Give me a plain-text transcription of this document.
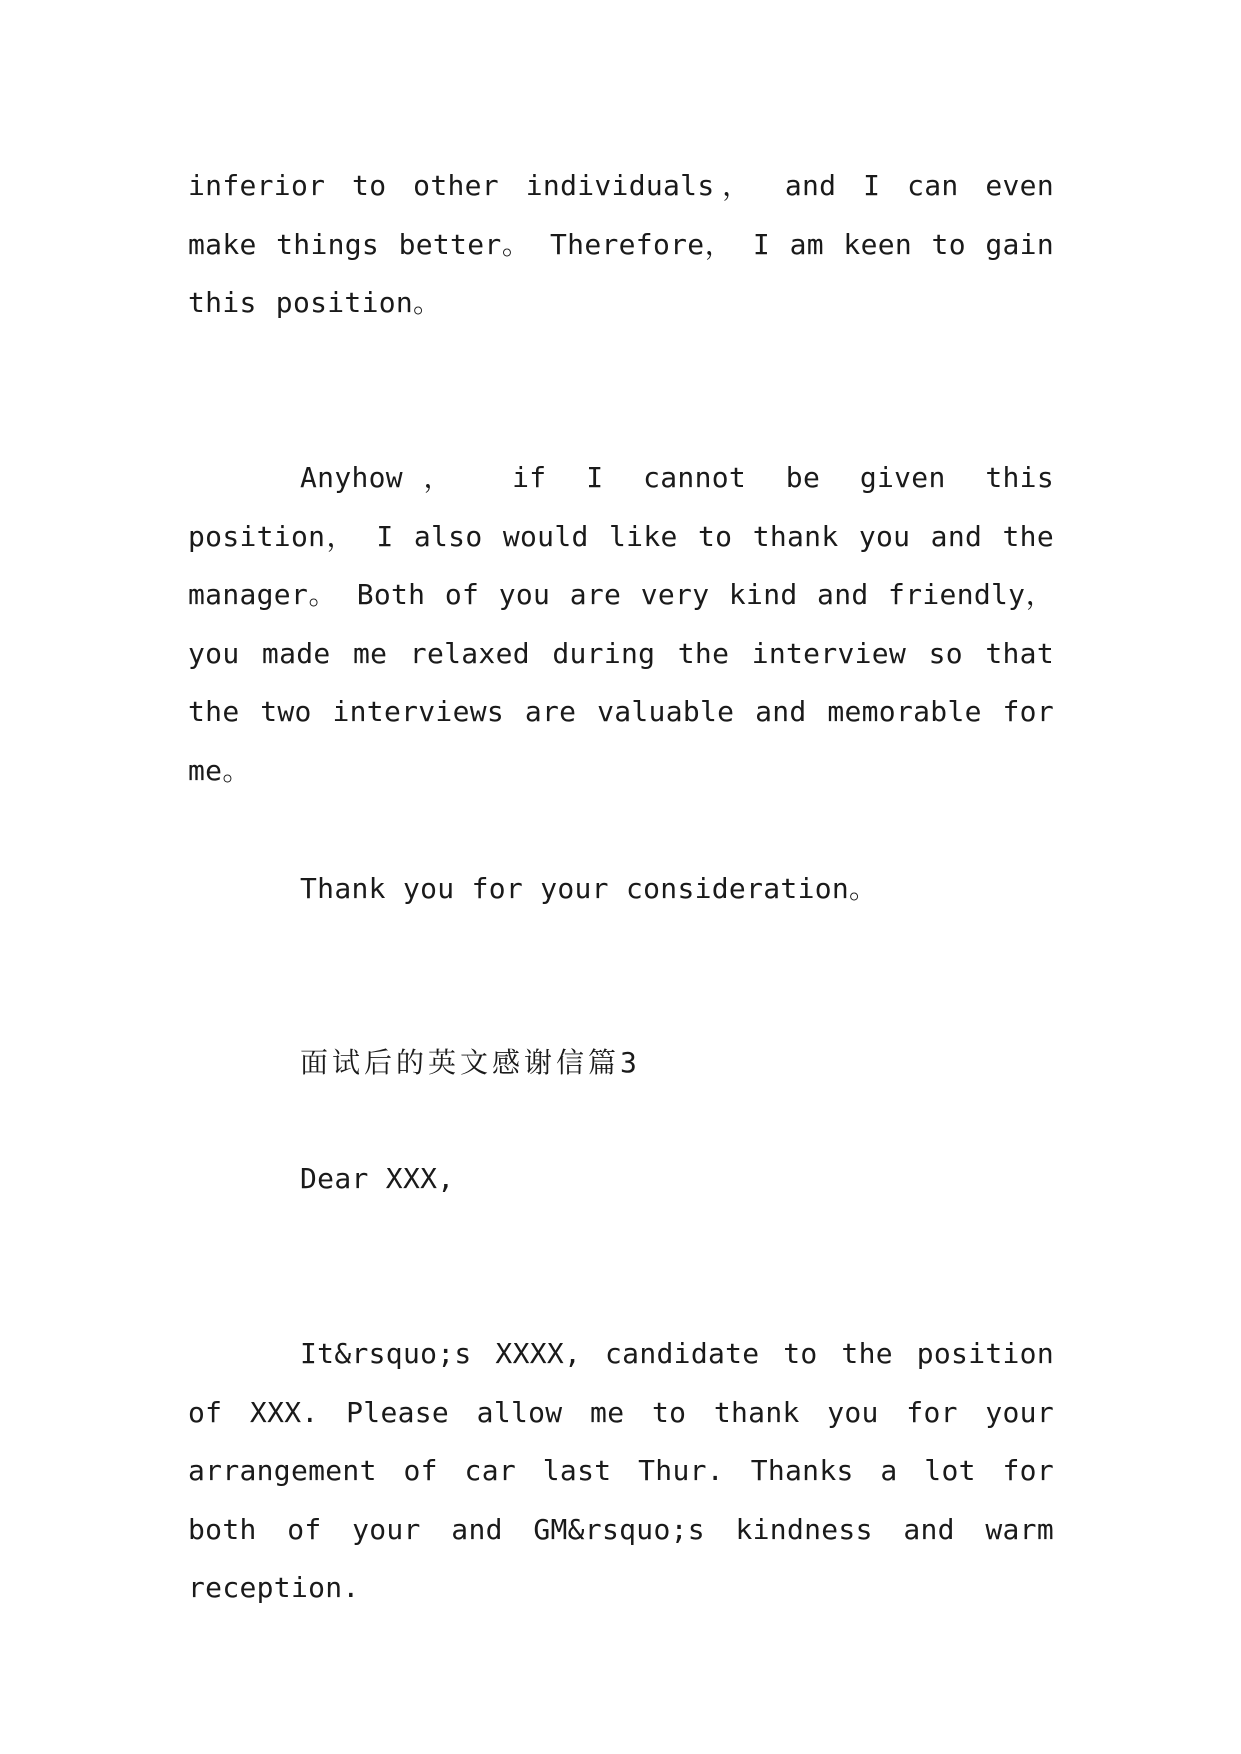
inferior to other individuals， and I can even make things better。 Therefore， I am keen to gain this position。

Anyhow， if I cannot be given this position， I also would like to thank you and the manager。 Both of you are very kind and friendly， you made me relaxed during the interview so that the two interviews are valuable and memorable for me。

Thank you for your consideration。

面试后的英文感谢信篇3

Dear XXX,

It&rsquo;s XXXX, candidate to the position of XXX. Please allow me to thank you for your arrangement of car last Thur. Thanks a lot for both of your and GM&rsquo;s kindness and warm reception.
